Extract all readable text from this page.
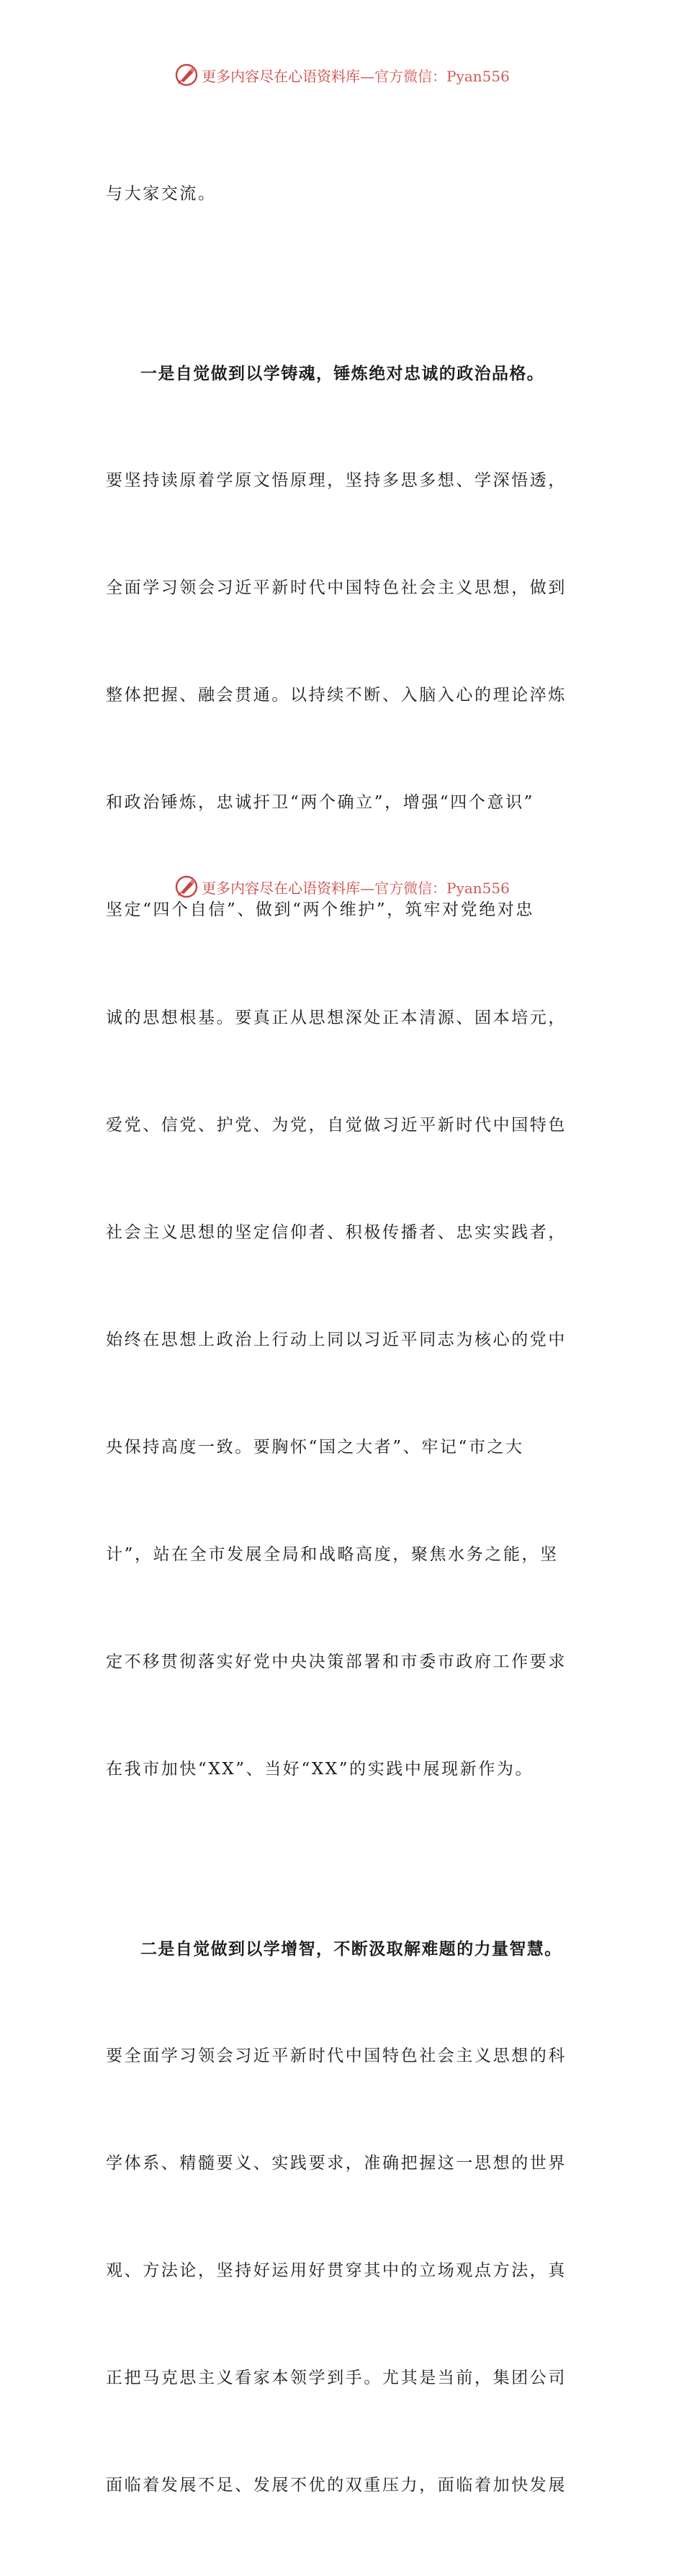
更多内容尽在心语资料库—官方微信：Pyan556

与大家交流。

一是自觉做到以学铸魂，锤炼绝对忠诚的政治品格。

要坚持读原着学原文悟原理，坚持多思多想、学深悟透，

全面学习领会习近平新时代中国特色社会主义思想，做到

整体把握、融会贯通。以持续不断、入脑入心的理论淬炼

和政治锤炼，忠诚扞卫“两个确立”，增强“四个意识”

坚定“四个自信”、做到“两个维护”，筑牢对党绝对忠

诚的思想根基。要真正从思想深处正本清源、固本培元，

爱党、信党、护党、为党，自觉做习近平新时代中国特色

社会主义思想的坚定信仰者、积极传播者、忠实实践者，

始终在思想上政治上行动上同以习近平同志为核心的党中

央保持高度一致。要胸怀“国之大者”、牢记“市之大

计”，站在全市发展全局和战略高度，聚焦水务之能，坚

定不移贯彻落实好党中央决策部署和市委市政府工作要求

在我市加快“XX”、当好“XX”的实践中展现新作为。

二是自觉做到以学增智，不断汲取解难题的力量智慧。

要全面学习领会习近平新时代中国特色社会主义思想的科

学体系、精髓要义、实践要求，准确把握这一思想的世界

观、方法论，坚持好运用好贯穿其中的立场观点方法，真

正把马克思主义看家本领学到手。尤其是当前，集团公司

面临着发展不足、发展不优的双重压力，面临着加快发展

更多内容尽在心语资料库—官方微信：Pyan556
